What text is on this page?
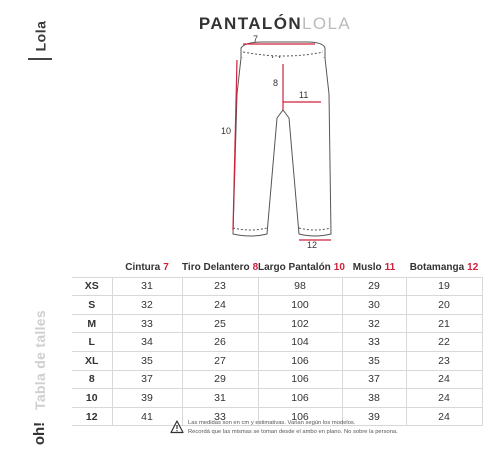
Lola
Tabla de talles
oh!
PANTALÓNLOLA
7
8
11
10
12
	Cintura 7	Tiro Delantero 8	Largo Pantalón 10	Muslo 11	Botamanga 12
XS	31	23	98	29	19
S	32	24	100	30	20
M	33	25	102	32	21
L	34	26	104	33	22
XL	35	27	106	35	23
8	37	29	106	37	24
10	39	31	106	38	24
12	41	33	106	39	24
Las medidas son en cm y estimativas. Varian según los modelos.
Recordá que las mismas se toman desde el ambo en plano. No sobre la persona.
